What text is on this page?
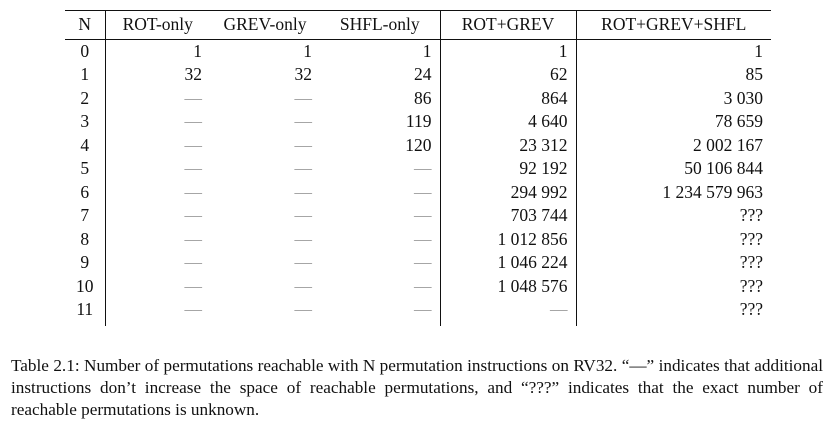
N	ROT-only	GREV-only	SHFL-only	ROT+GREV	ROT+GREV+SHFL
0	1	1	1	1	1
1	32	32	24	62	85
2	—	—	86	864	3 030
3	—	—	119	4 640	78 659
4	—	—	120	23 312	2 002 167
5	—	—	—	92 192	50 106 844
6	—	—	—	294 992	1 234 579 963
7	—	—	—	703 744	???
8	—	—	—	1 012 856	???
9	—	—	—	1 046 224	???
10	—	—	—	1 048 576	???
11	—	—	—	—	???
Table 2.1: Number of permutations reachable with N permutation instructions on RV32. “—” indicates that additional instructions don’t increase the space of reachable permutations, and “???” indicates that the exact number of reachable permutations is unknown.
